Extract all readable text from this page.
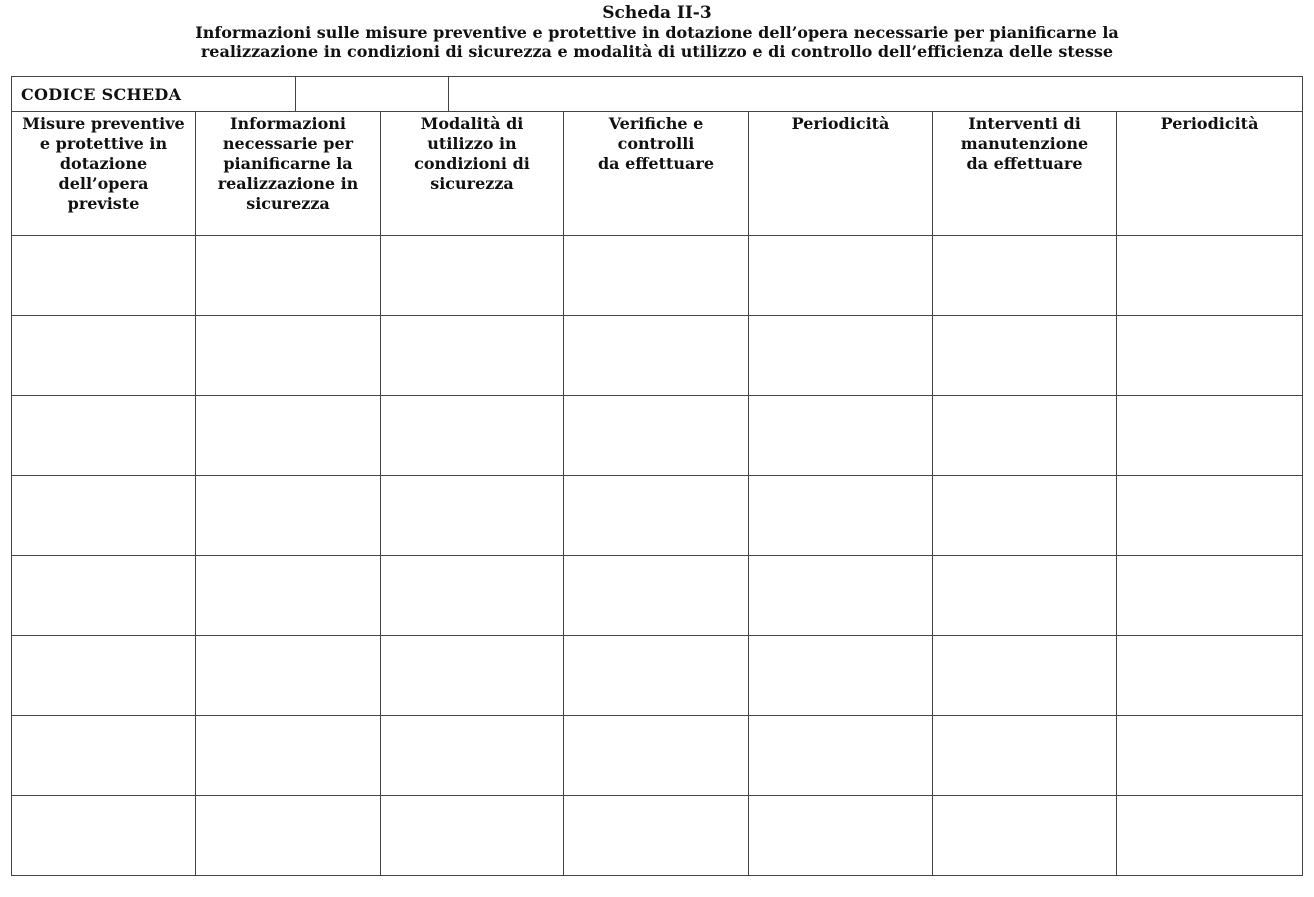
Scheda II-3
Informazioni sulle misure preventive e protettive in dotazione dell’opera necessarie per pianificarne la
realizzazione in condizioni di sicurezza e modalità di utilizzo e di controllo dell’efficienza delle stesse
CODICE SCHEDA						

Misure preventive
e protettive in
dotazione
dell’opera
previste	Informazioni
necessarie per
pianificarne la
realizzazione in
sicurezza	Modalità di
utilizzo in
condizioni di
sicurezza	Verifiche e
controlli
da effettuare	Periodicità	Interventi di
manutenzione
da effettuare	Periodicità
